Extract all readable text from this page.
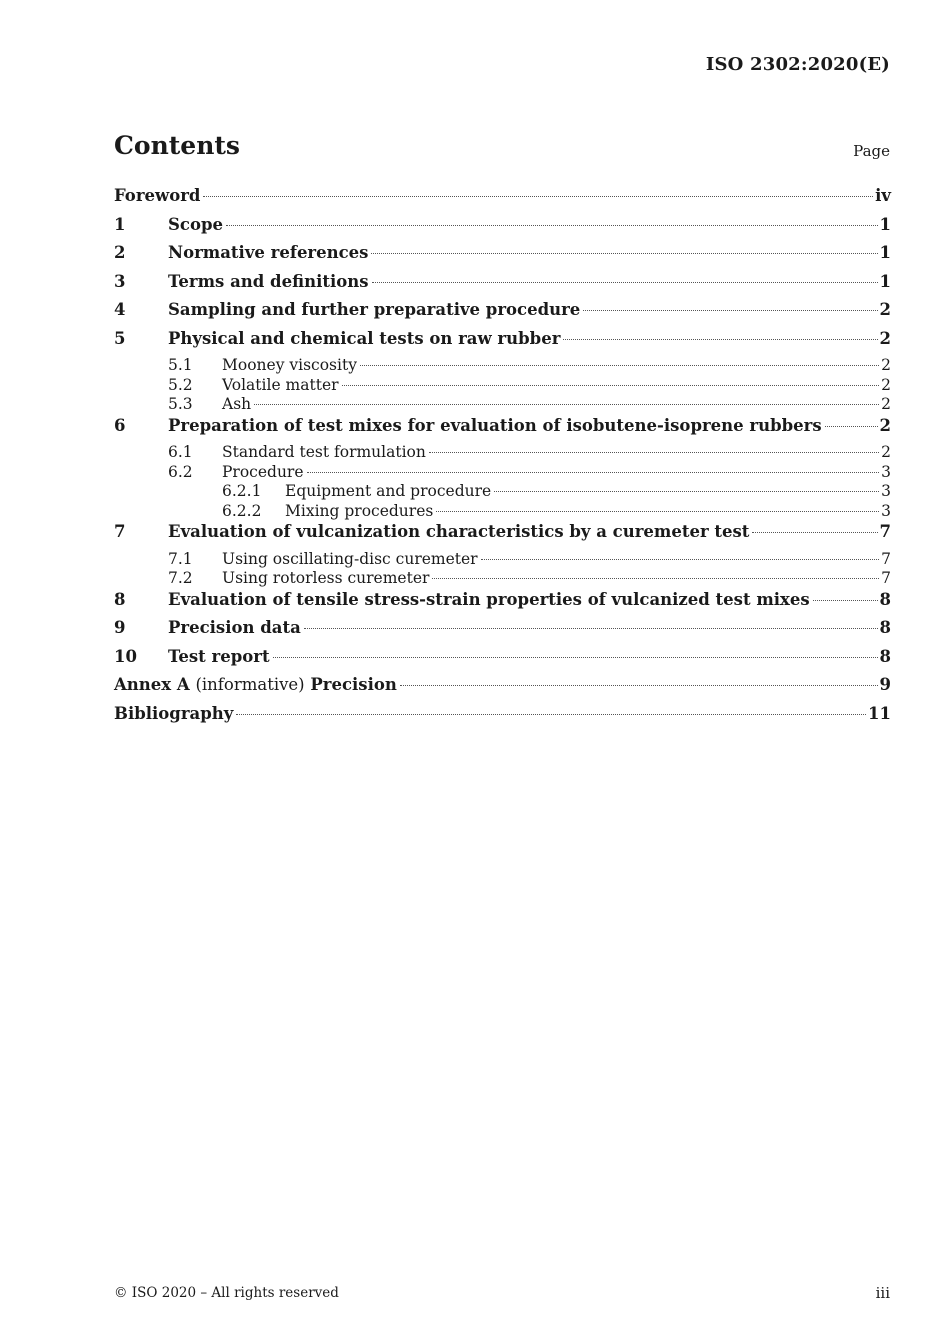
ISO 2302:2020(E)
Contents	Page
Foreword	iv
1	Scope	1
2	Normative references	1
3	Terms and definitions	1
4	Sampling and further preparative procedure	2
5	Physical and chemical tests on raw rubber	2
5.1	Mooney viscosity	2
5.2	Volatile matter	2
5.3	Ash	2
6	Preparation of test mixes for evaluation of isobutene-isoprene rubbers	2
6.1	Standard test formulation	2
6.2	Procedure	3
6.2.1	Equipment and procedure	3
6.2.2	Mixing procedures	3
7	Evaluation of vulcanization characteristics by a curemeter test	7
7.1	Using oscillating-disc curemeter	7
7.2	Using rotorless curemeter	7
8	Evaluation of tensile stress-strain properties of vulcanized test mixes	8
9	Precision data	8
10	Test report	8
Annex A (informative) Precision	9
Bibliography	11
© ISO 2020 – All rights reserved	iii
